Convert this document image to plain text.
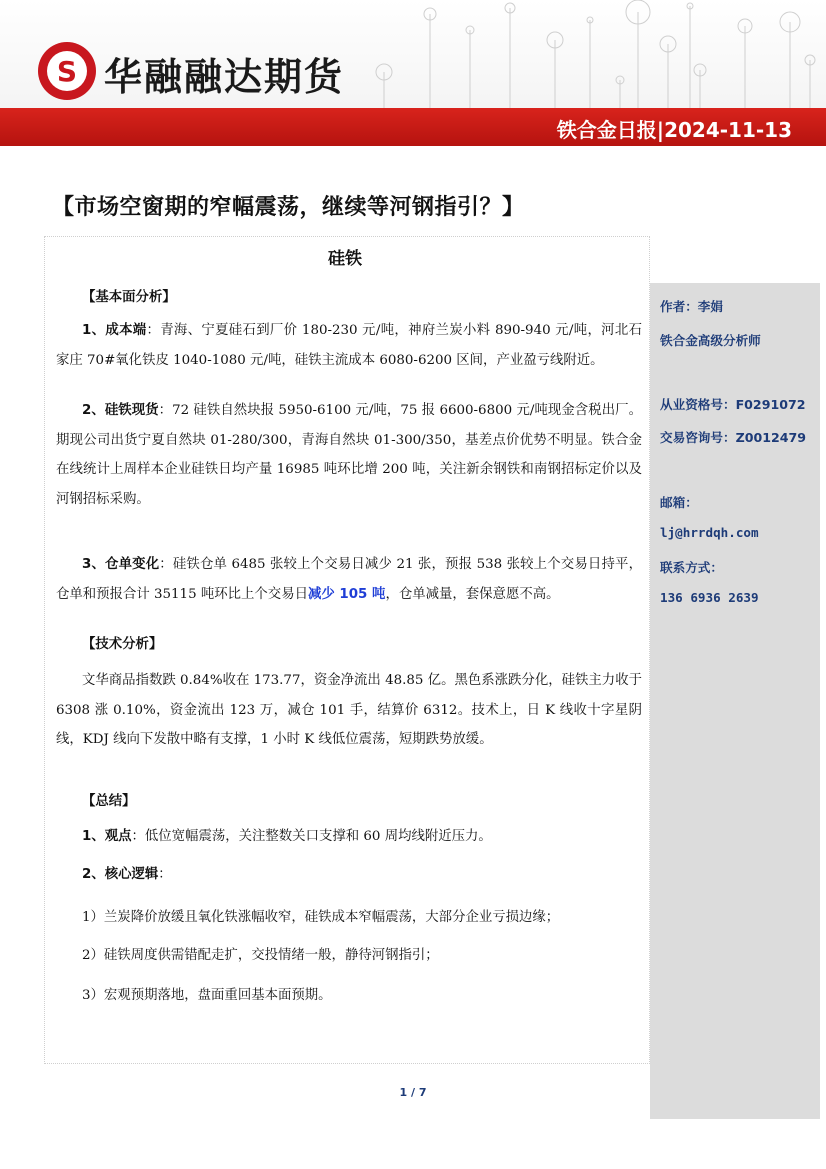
S 华融融达期货
铁合金日报|2024-11-13
【市场空窗期的窄幅震荡，继续等河钢指引？】
硅铁
【基本面分析】
1、成本端：青海、宁夏硅石到厂价 180-230 元/吨，神府兰炭小料 890-940 元/吨，河北石家庄 70#氧化铁皮 1040-1080 元/吨，硅铁主流成本 6080-6200 区间，产业盈亏线附近。
2、硅铁现货：72 硅铁自然块报 5950-6100 元/吨，75 报 6600-6800 元/吨现金含税出厂。期现公司出货宁夏自然块 01-280/300，青海自然块 01-300/350，基差点价优势不明显。铁合金在线统计上周样本企业硅铁日均产量 16985 吨环比增 200 吨，关注新余钢铁和南钢招标定价以及河钢招标采购。
3、仓单变化：硅铁仓单 6485 张较上个交易日减少 21 张，预报 538 张较上个交易日持平，仓单和预报合计 35115 吨环比上个交易日减少 105 吨，仓单减量，套保意愿不高。
【技术分析】
文华商品指数跌 0.84%收在 173.77，资金净流出 48.85 亿。黑色系涨跌分化，硅铁主力收于 6308 涨 0.10%，资金流出 123 万，减仓 101 手，结算价 6312。技术上，日 K 线收十字星阴线，KDJ 线向下发散中略有支撑，1 小时 K 线低位震荡，短期跌势放缓。
【总结】
1、观点：低位宽幅震荡，关注整数关口支撑和 60 周均线附近压力。
2、核心逻辑：
1）兰炭降价放缓且氧化铁涨幅收窄，硅铁成本窄幅震荡，大部分企业亏损边缘；
2）硅铁周度供需错配走扩，交投情绪一般，静待河钢指引；
3）宏观预期落地，盘面重回基本面预期。
作者：李娟
铁合金高级分析师
从业资格号：F0291072
交易咨询号：Z0012479
邮箱：
lj@hrrdqh.com
联系方式：
136 6936 2639
1 / 7
